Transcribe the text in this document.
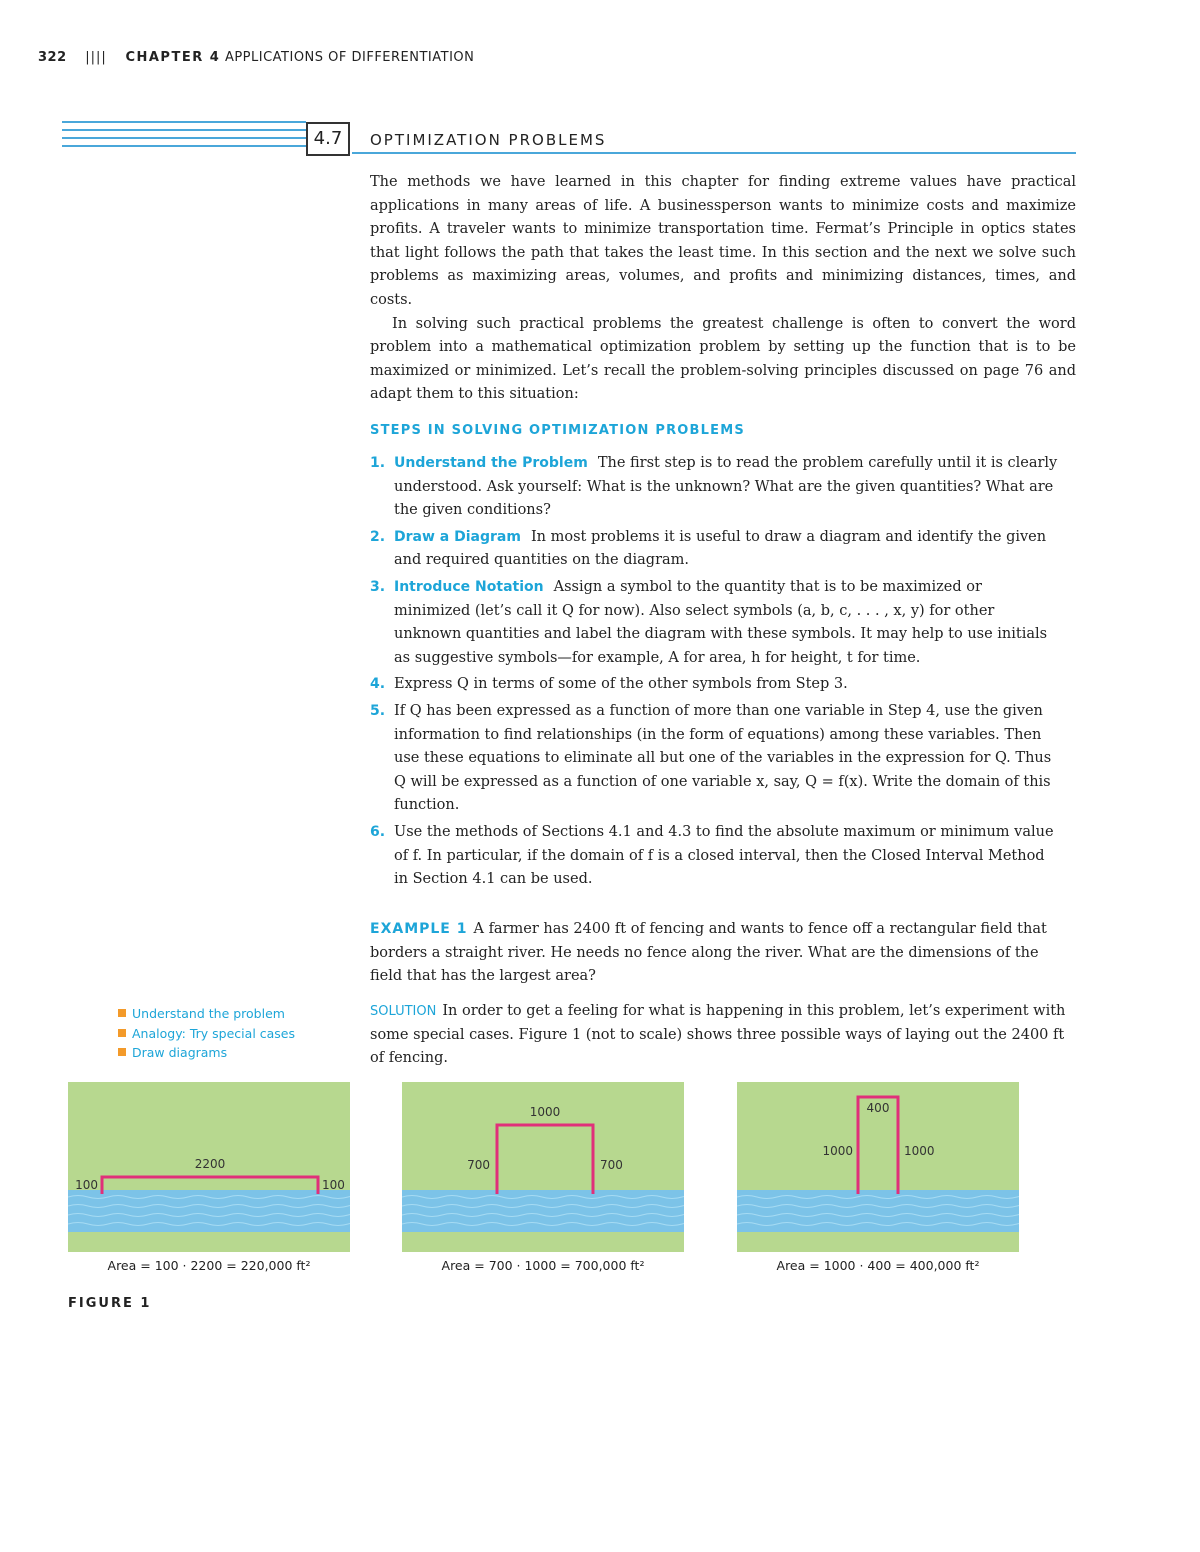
322 |||| CHAPTER 4 APPLICATIONS OF DIFFERENTIATION
4.7	OPTIMIZATION PROBLEMS

The methods we have learned in this chapter for finding extreme values have practical applications in many areas of life. A businessperson wants to minimize costs and maximize profits. A traveler wants to minimize transportation time. Fermat’s Principle in optics states that light follows the path that takes the least time. In this section and the next we solve such problems as maximizing areas, volumes, and profits and minimizing distances, times, and costs.

In solving such practical problems the greatest challenge is often to convert the word problem into a mathematical optimization problem by setting up the function that is to be maximized or minimized. Let’s recall the problem-solving principles discussed on page 76 and adapt them to this situation:

STEPS IN SOLVING OPTIMIZATION PROBLEMS
1. Understand the Problem The first step is to read the problem carefully until it is clearly understood. Ask yourself: What is the unknown? What are the given quantities? What are the given conditions?
2. Draw a Diagram In most problems it is useful to draw a diagram and identify the given and required quantities on the diagram.
3. Introduce Notation Assign a symbol to the quantity that is to be maximized or minimized (let’s call it Q for now). Also select symbols (a, b, c, . . . , x, y) for other unknown quantities and label the diagram with these symbols. It may help to use initials as suggestive symbols—for example, A for area, h for height, t for time.
4. Express Q in terms of some of the other symbols from Step 3.
5. If Q has been expressed as a function of more than one variable in Step 4, use the given information to find relationships (in the form of equations) among these variables. Then use these equations to eliminate all but one of the variables in the expression for Q. Thus Q will be expressed as a function of one variable x, say, Q = f(x). Write the domain of this function.
6. Use the methods of Sections 4.1 and 4.3 to find the absolute maximum or minimum value of f. In particular, if the domain of f is a closed interval, then the Closed Interval Method in Section 4.1 can be used.
EXAMPLE 1 A farmer has 2400 ft of fencing and wants to fence off a rectangular field that borders a straight river. He needs no fence along the river. What are the dimensions of the field that has the largest area?
SOLUTION In order to get a feeling for what is happening in this problem, let’s experiment with some special cases. Figure 1 (not to scale) shows three possible ways of laying out the 2400 ft of fencing.
Understand the problem
Analogy: Try special cases
Draw diagrams
2200
100	100
Area = 100 · 2200 = 220,000 ft²
1000
700	700
Area = 700 · 1000 = 700,000 ft²
400
1000	1000
Area = 1000 · 400 = 400,000 ft²
FIGURE 1
